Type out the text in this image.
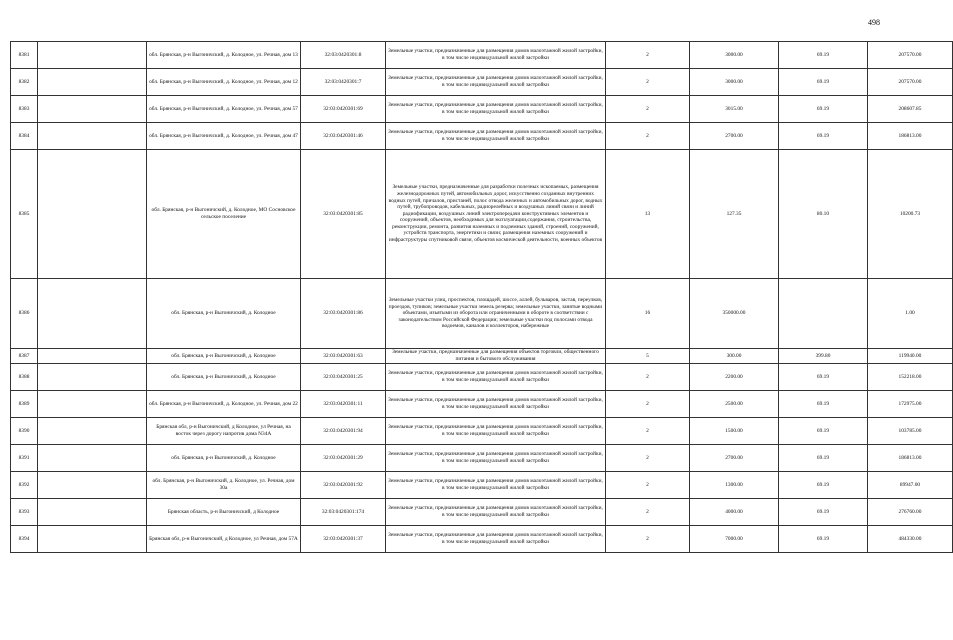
498
8381		обл. Брянская, р-н Выгоничский, д. Колодное, ул. Речная, дом 13	32:03:0420301:8	Земельные участки, предназначенные для размещения домов малоэтажной жилой застройки, в том числе индивидуальной жилой застройки	2	3000.00	69.19	207570.00
8382		обл. Брянская, р-н Выгоничский, д. Колодное, ул. Речная, дом 12	32:03:0420301:7	Земельные участки, предназначенные для размещения домов малоэтажной жилой застройки, в том числе индивидуальной жилой застройки	2	3000.00	69.19	207570.00
8383		обл. Брянская, р-н Выгоничский, д. Колодное, ул. Речная, дом 57	32:03:0420301:69	Земельные участки, предназначенные для размещения домов малоэтажной жилой застройки, в том числе индивидуальной жилой застройки	2	3015.00	69.19	208607.85
8384		обл. Брянская, р-н Выгоничский, д. Колодное, ул. Речная, дом 47	32:03:0420301:46	Земельные участки, предназначенные для размещения домов малоэтажной жилой застройки, в том числе индивидуальной жилой застройки	2	2700.00	69.19	186813.00
8385		обл. Брянская, р-н Выгоничский, д. Колодное, МО Сосновское сельское поселение	32:03:0420301:85	Земельные участки, предназначенные для разработки полезных ископаемых, размещения железнодорожных путей, автомобильных дорог, искусственно созданных внутренних водных путей, причалов, пристаней, полос отвода железных и автомобильных дорог, водных путей, трубопроводов, кабельных, радиорелейных и воздушных линий связи и линий радиофикации, воздушных линий электропередачи конструктивных элементов и сооружений, объектов, необходимых для эксплуатации,содержания, строительства, реконструкции, ремонта, развития наземных и подземных зданий, строений, сооружений, устройств транспорта, энергетики и связи; размещения наземных сооружений и инфраструктуры спутниковой связи, объектов космической деятельности, военных объектов	13	127.35	80.10	10200.73
8386		обл. Брянская, р-н Выгоничский, д. Колодное	32:03:0420301:86	Земельные участки улиц, проспектов, площадей, шоссе, аллей, бульваров, застав, переулков, проездов, тупиков; земельные участки земель резерва; земельные участки, занятые водными объектами, изъятыми из оборота или ограниченными в обороте в соответствии с законодательством Российской Федерации; земельные участки под полосами отвода водоемов, каналов и коллекторов, набережные	16	350000.00		1.00
8387		обл. Брянская, р-н Выгоничский, д. Колодное	32:03:0420301:63	Земельные участки, предназначенные для размещения объектов торговли, общественного питания и бытового обслуживания	5	300.00	399.80	119940.00
8388		обл. Брянская, р-н Выгоничский, д. Колодное	32:03:0420301:25	Земельные участки, предназначенные для размещения домов малоэтажной жилой застройки, в том числе индивидуальной жилой застройки	2	2200.00	69.19	152218.00
8389		обл. Брянская, р-н Выгоничский, д. Колодное, ул. Речная, дом 22	32:03:0420301:11	Земельные участки, предназначенные для размещения домов малоэтажной жилой застройки, в том числе индивидуальной жилой застройки	2	2500.00	69.19	172975.00
8390		Брянская обл, р-н Выгоничский, д Колодное, ул Речная, на восток через дорогу напротив дома N34А	32:03:0420301:94	Земельные участки, предназначенные для размещения домов малоэтажной жилой застройки, в том числе индивидуальной жилой застройки	2	1500.00	69.19	103785.00
8391		обл. Брянская, р-н Выгоничский, д. Колодное	32:03:0420301:29	Земельные участки, предназначенные для размещения домов малоэтажной жилой застройки, в том числе индивидуальной жилой застройки	2	2700.00	69.19	186813.00
8392		обл. Брянская, р-н Выгоничский, д. Колодное, ул. Речная, дом 30а	32:03:0420301:92	Земельные участки, предназначенные для размещения домов малоэтажной жилой застройки, в том числе индивидуальной жилой застройки	2	1300.00	69.19	89947.00
8393		Брянская область, р-н Выгоничский, д Колодное	32:03:0420301:174	Земельные участки, предназначенные для размещения домов малоэтажной жилой застройки, в том числе индивидуальной жилой застройки	2	4000.00	69.19	276760.00
8394		Брянская обл, р-н Выгоничский, д Колодное, ул Речная, дом 57А	32:03:0420301:37	Земельные участки, предназначенные для размещения домов малоэтажной жилой застройки, в том числе индивидуальной жилой застройки	2	7000.00	69.19	484330.00
